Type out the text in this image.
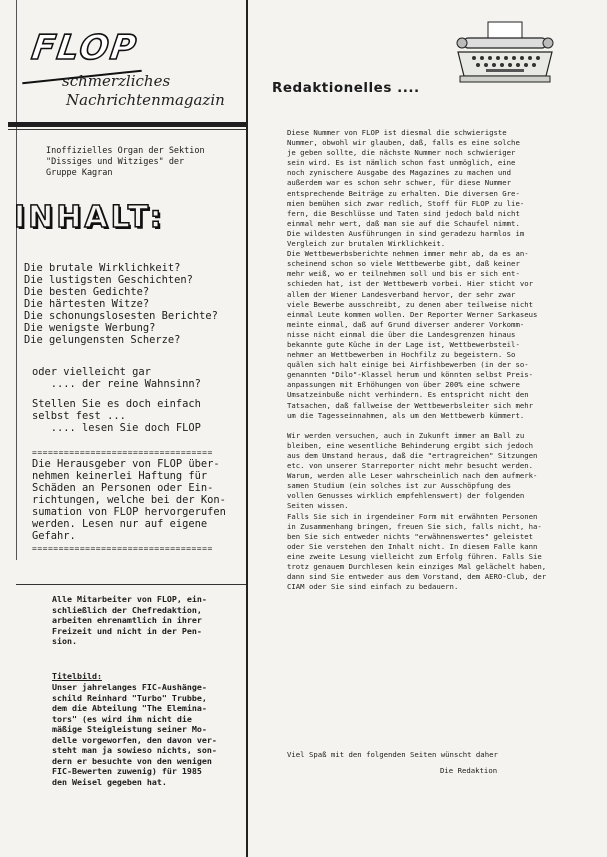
FLOP
schmerzliches
Nachrichtenmagazin
Inoffizielles Organ der Sektion
"Dissiges und Witziges" der
Gruppe Kagran
INHALT:
Die brutale Wirklichkeit?
Die lustigsten Geschichten?
Die besten Gedichte?
Die härtesten Witze?
Die schonungslosesten Berichte?
Die wenigste Werbung?
Die gelungensten Scherze?
oder vielleicht gar
.... der reine Wahnsinn?
Stellen Sie es doch einfach
selbst fest ...
.... lesen Sie doch FLOP
==================================
Die Herausgeber von FLOP über-
nehmen keinerlei Haftung für
Schäden an Personen oder Ein-
richtungen, welche bei der Kon-
sumation von FLOP hervorgerufen
werden. Lesen nur auf eigene
Gefahr.
==================================
Alle Mitarbeiter von FLOP, ein-
schließlich der Chefredaktion,
arbeiten ehrenamtlich in ihrer
Freizeit und nicht in der Pen-
sion.
Titelbild:
Unser jahrelanges FIC-Aushänge-
schild Reinhard "Turbo" Trubbe,
dem die Abteilung "The Elemina-
tors" (es wird ihm nicht die
mäßige Steigleistung seiner Mo-
delle vorgeworfen, den davon ver-
steht man ja sowieso nichts, son-
dern er besuchte von den wenigen
FIC-Bewerten zuwenig) für 1985
den Weisel gegeben hat.
Redaktionelles ....
Diese Nummer von FLOP ist diesmal die schwierigste
Nummer, obwohl wir glauben, daß, falls es eine solche
je geben sollte, die nächste Nummer noch schwieriger
sein wird. Es ist nämlich schon fast unmöglich, eine
noch zynischere Ausgabe des Magazines zu machen und
außerdem war es schon sehr schwer, für diese Nummer
entsprechende Beiträge zu erhalten. Die diversen Gre-
mien bemühen sich zwar redlich, Stoff für FLOP zu lie-
fern, die Beschlüsse und Taten sind jedoch bald nicht
einmal mehr wert, daß man sie auf die Schaufel nimmt.
Die wildesten Ausführungen in sind geradezu harmlos im
Vergleich zur brutalen Wirklichkeit.
Die Wettbewerbsberichte nehmen immer mehr ab, da es an-
scheinend schon so viele Wettbewerbe gibt, daß keiner
mehr weiß, wo er teilnehmen soll und bis er sich ent-
schieden hat, ist der Wettbewerb vorbei. Hier sticht vor
allem der Wiener Landesverband hervor, der sehr zwar
viele Bewerbe ausschreibt, zu denen aber teilweise nicht
einmal Leute kommen wollen. Der Reporter Werner Sarkaseus
meinte einmal, daß auf Grund diverser anderer Vorkomm-
nisse nicht einmal die über die Landesgrenzen hinaus
bekannte gute Küche in der Lage ist, Wettbewerbsteil-
nehmer an Wettbewerben in Hochfilz zu begeistern. So
quälen sich halt einige bei Airfishbewerben (in der so-
genannten "Dilo"-Klassel herum und könnten selbst Preis-
anpassungen mit Erhöhungen von über 200% eine schwere
Umsatzeinbuße nicht verhindern. Es entspricht nicht den
Tatsachen, daß fallweise der Wettbewerbsleiter sich mehr
um die Tagesseinnahmen, als um den Wettbewerb kümmert.

Wir werden versuchen, auch in Zukunft immer am Ball zu
bleiben, eine wesentliche Behinderung ergibt sich jedoch
aus dem Umstand heraus, daß die "ertragreichen" Sitzungen
etc. von unserer Starreporter nicht mehr besucht werden.
Warum, werden alle Leser wahrscheinlich nach dem aufmerk-
samen Studium (ein solches ist zur Ausschöpfung des
vollen Genusses wirklich empfehlenswert) der folgenden
Seiten wissen.
Falls Sie sich in irgendeiner Form mit erwähnten Personen
in Zusammenhang bringen, freuen Sie sich, falls nicht, ha-
ben Sie sich entweder nichts "erwähnenswertes" geleistet
oder Sie verstehen den Inhalt nicht. In diesem Falle kann
eine zweite Lesung vielleicht zum Erfolg führen. Falls Sie
trotz genauem Durchlesen kein einziges Mal gelächelt haben,
dann sind Sie entweder aus dem Vorstand, dem AERO-Club, der
CIAM oder Sie sind einfach zu bedauern.
Viel Spaß mit den folgenden Seiten wünscht daher
Die Redaktion
